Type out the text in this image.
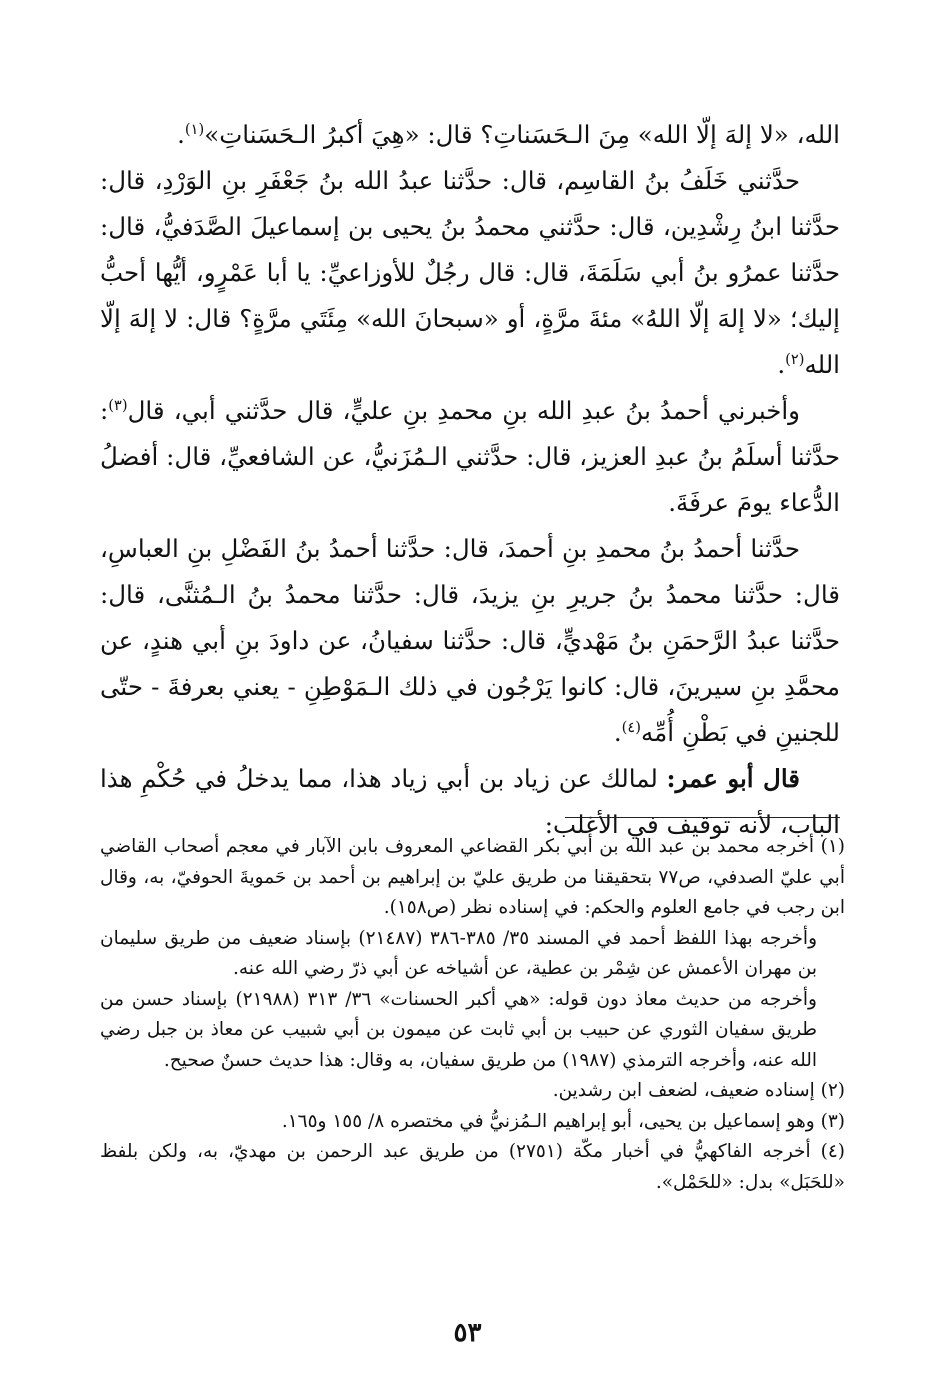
الله، «لا إلهَ إلّا الله» مِنَ الـحَسَناتِ؟ قال: «هِيَ أكبرُ الـحَسَناتِ»$^{(١)}$.

حدَّثني خَلَفُ بنُ القاسِم، قال: حدَّثنا عبدُ الله بنُ جَعْفَرِ بنِ الوَرْدِ، قال: حدَّثنا ابنُ رِشْدِين، قال: حدَّثني محمدُ بنُ يحيى بن إسماعيلَ الصَّدَفيُّ، قال: حدَّثنا عمرُو بنُ أبي سَلَمَةَ، قال: قال رجُلٌ للأوزاعيِّ: يا أبا عَمْرٍو، أيُّها أحبُّ إليك؛ «لا إلهَ إلّا اللهُ» مئةَ مرَّةٍ، أو «سبحانَ الله» مِئَتَي مرَّةٍ؟ قال: لا إلهَ إلّا الله$^{(٢)}$.

وأخبرني أحمدُ بنُ عبدِ الله بنِ محمدِ بنِ عليٍّ، قال حدَّثني أبي، قال$^{(٣)}$: حدَّثنا أسلَمُ بنُ عبدِ العزيز، قال: حدَّثني الـمُزَنيُّ، عن الشافعيِّ، قال: أفضلُ الدُّعاء يومَ عرفَةَ.

حدَّثنا أحمدُ بنُ محمدِ بنِ أحمدَ، قال: حدَّثنا أحمدُ بنُ الفَضْلِ بنِ العباسِ، قال: حدَّثنا محمدُ بنُ جريرِ بنِ يزيدَ، قال: حدَّثنا محمدُ بنُ الـمُثنَّى، قال: حدَّثنا عبدُ الرَّحمَنِ بنُ مَهْديٍّ، قال: حدَّثنا سفيانُ، عن داودَ بنِ أبي هندٍ، عن محمَّدِ بنِ سيرينَ، قال: كانوا يَرْجُون في ذلك الـمَوْطِنِ - يعني بعرفةَ - حتّى للجنينِ في بَطْنِ أُمِّه$^{(٤)}$.

قال أبو عمر: لمالك عن زياد بن أبي زياد هذا، مما يدخلُ في حُكْمِ هذا الباب، لأنه توقيف في الأغلب:

(١) أخرجه محمد بن عبد الله بن أبي بكر القضاعي المعروف بابن الآبار في معجم أصحاب القاضي أبي عليّ الصدفي، ص٧٧ بتحقيقنا من طريق عليّ بن إبراهيم بن أحمد بن حَمويةَ الحوفيّ، به، وقال ابن رجب في جامع العلوم والحكم: في إسناده نظر (ص١٥٨).

وأخرجه بهذا اللفظ أحمد في المسند ٣٥/ ٣٨٥-٣٨٦ (٢١٤٨٧) بإسناد ضعيف من طريق سليمان بن مهران الأعمش عن شِمْر بن عطية، عن أشياخه عن أبي ذرّ رضي الله عنه.

وأخرجه من حديث معاذ دون قوله: «هي أكبر الحسنات» ٣٦/ ٣١٣ (٢١٩٨٨) بإسناد حسن من طريق سفيان الثوري عن حبيب بن أبي ثابت عن ميمون بن أبي شبيب عن معاذ بن جبل رضي الله عنه، وأخرجه الترمذي (١٩٨٧) من طريق سفيان، به وقال: هذا حديث حسنٌ صحيح.

(٢) إسناده ضعيف، لضعف ابن رشدين.

(٣) وهو إسماعيل بن يحيى، أبو إبراهيم الـمُزنيُّ في مختصره ٨/ ١٥٥ و١٦٥.

(٤) أخرجه الفاكهيُّ في أخبار مكّة (٢٧٥١) من طريق عبد الرحمن بن مهديّ، به، ولكن بلفظ «للحَبَل» بدل: «للحَمْل».

٥٣
